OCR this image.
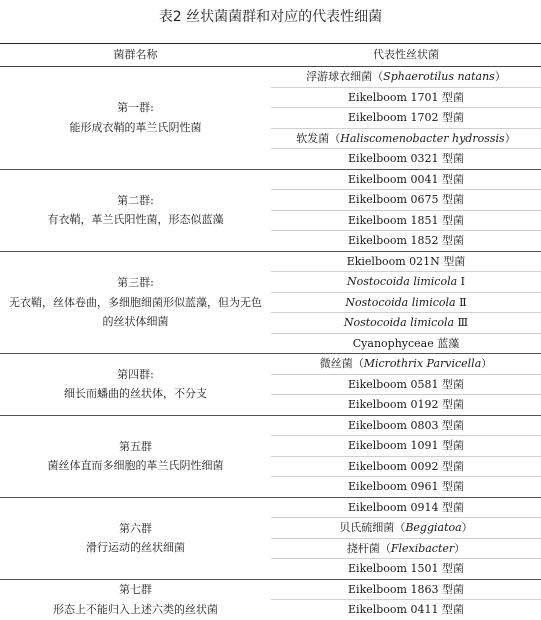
表2 丝状菌菌群和对应的代表性细菌
菌群名称	代表性丝状菌

第一群:
能形成衣鞘的革兰氏阴性菌	浮游球衣细菌（Sphaerotilus natans）
	Eikelboom 1701 型菌
	Eikelboom 1702 型菌
	软发菌（Haliscomenobacter hydrossis）
	Eikelboom 0321 型菌

第二群:
有衣鞘，革兰氏阳性菌，形态似蓝藻	Eikelboom 0041 型菌
	Eikelboom 0675 型菌
	Eikelboom 1851 型菌
	Eikelboom 1852 型菌

第三群:
无衣鞘，丝体卷曲，多细胞细菌形似蓝藻，但为无色的丝状体细菌	Ekielboom 021N 型菌
	Nostocoida limicola Ⅰ
	Nostocoida limicola Ⅱ
	Nostocoida limicola Ⅲ
	Cyanophyceae 蓝藻

第四群:
细长而蟠曲的丝状体，不分支	微丝菌（Microthrix Parvicella）
	Eikelboom 0581 型菌
	Eikelboom 0192 型菌

第五群
菌丝体直而多细胞的革兰氏阴性细菌	Eikelboom 0803 型菌
	Eikelboom 1091 型菌
	Eikelboom 0092 型菌
	Eikelboom 0961 型菌

第六群
滑行运动的丝状细菌	Eikelboom 0914 型菌
	贝氏硫细菌（Beggiatoa）
	挠杆菌（Flexibacter）
	Eikelboom 1501 型菌

第七群
形态上不能归入上述六类的丝状菌	Eikelboom 1863 型菌
	Eikelboom 0411 型菌
